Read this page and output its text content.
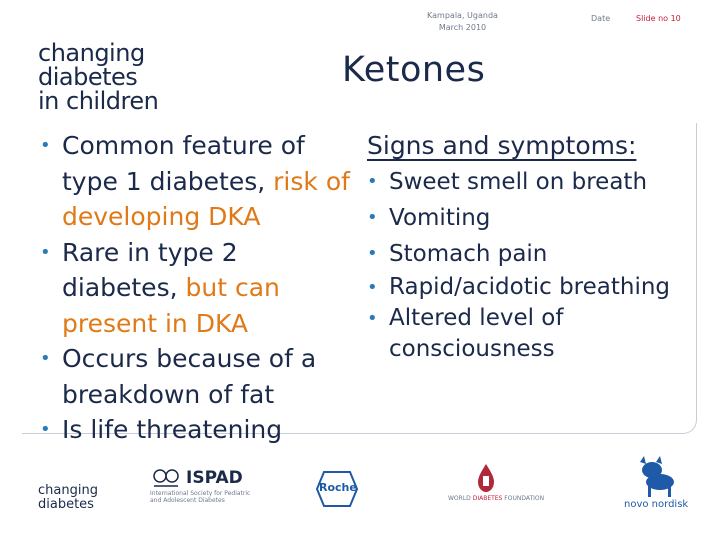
Kampala, Uganda
March 2010
Date	Slide no 10
changing
diabetes
in children
Ketones
• Common feature of type 1 diabetes, risk of developing DKA
• Rare in type 2 diabetes, but can present in DKA
• Occurs because of a breakdown of fat
• Is life threatening
Signs and symptoms:
• Sweet smell on breath
• Vomiting
• Stomach pain
• Rapid/acidotic breathing
• Altered level of consciousness
changing
diabetes
ISPAD
International Society for Pediatric
and Adolescent Diabetes
Roche
WORLD DIABETES FOUNDATION
novo nordisk
